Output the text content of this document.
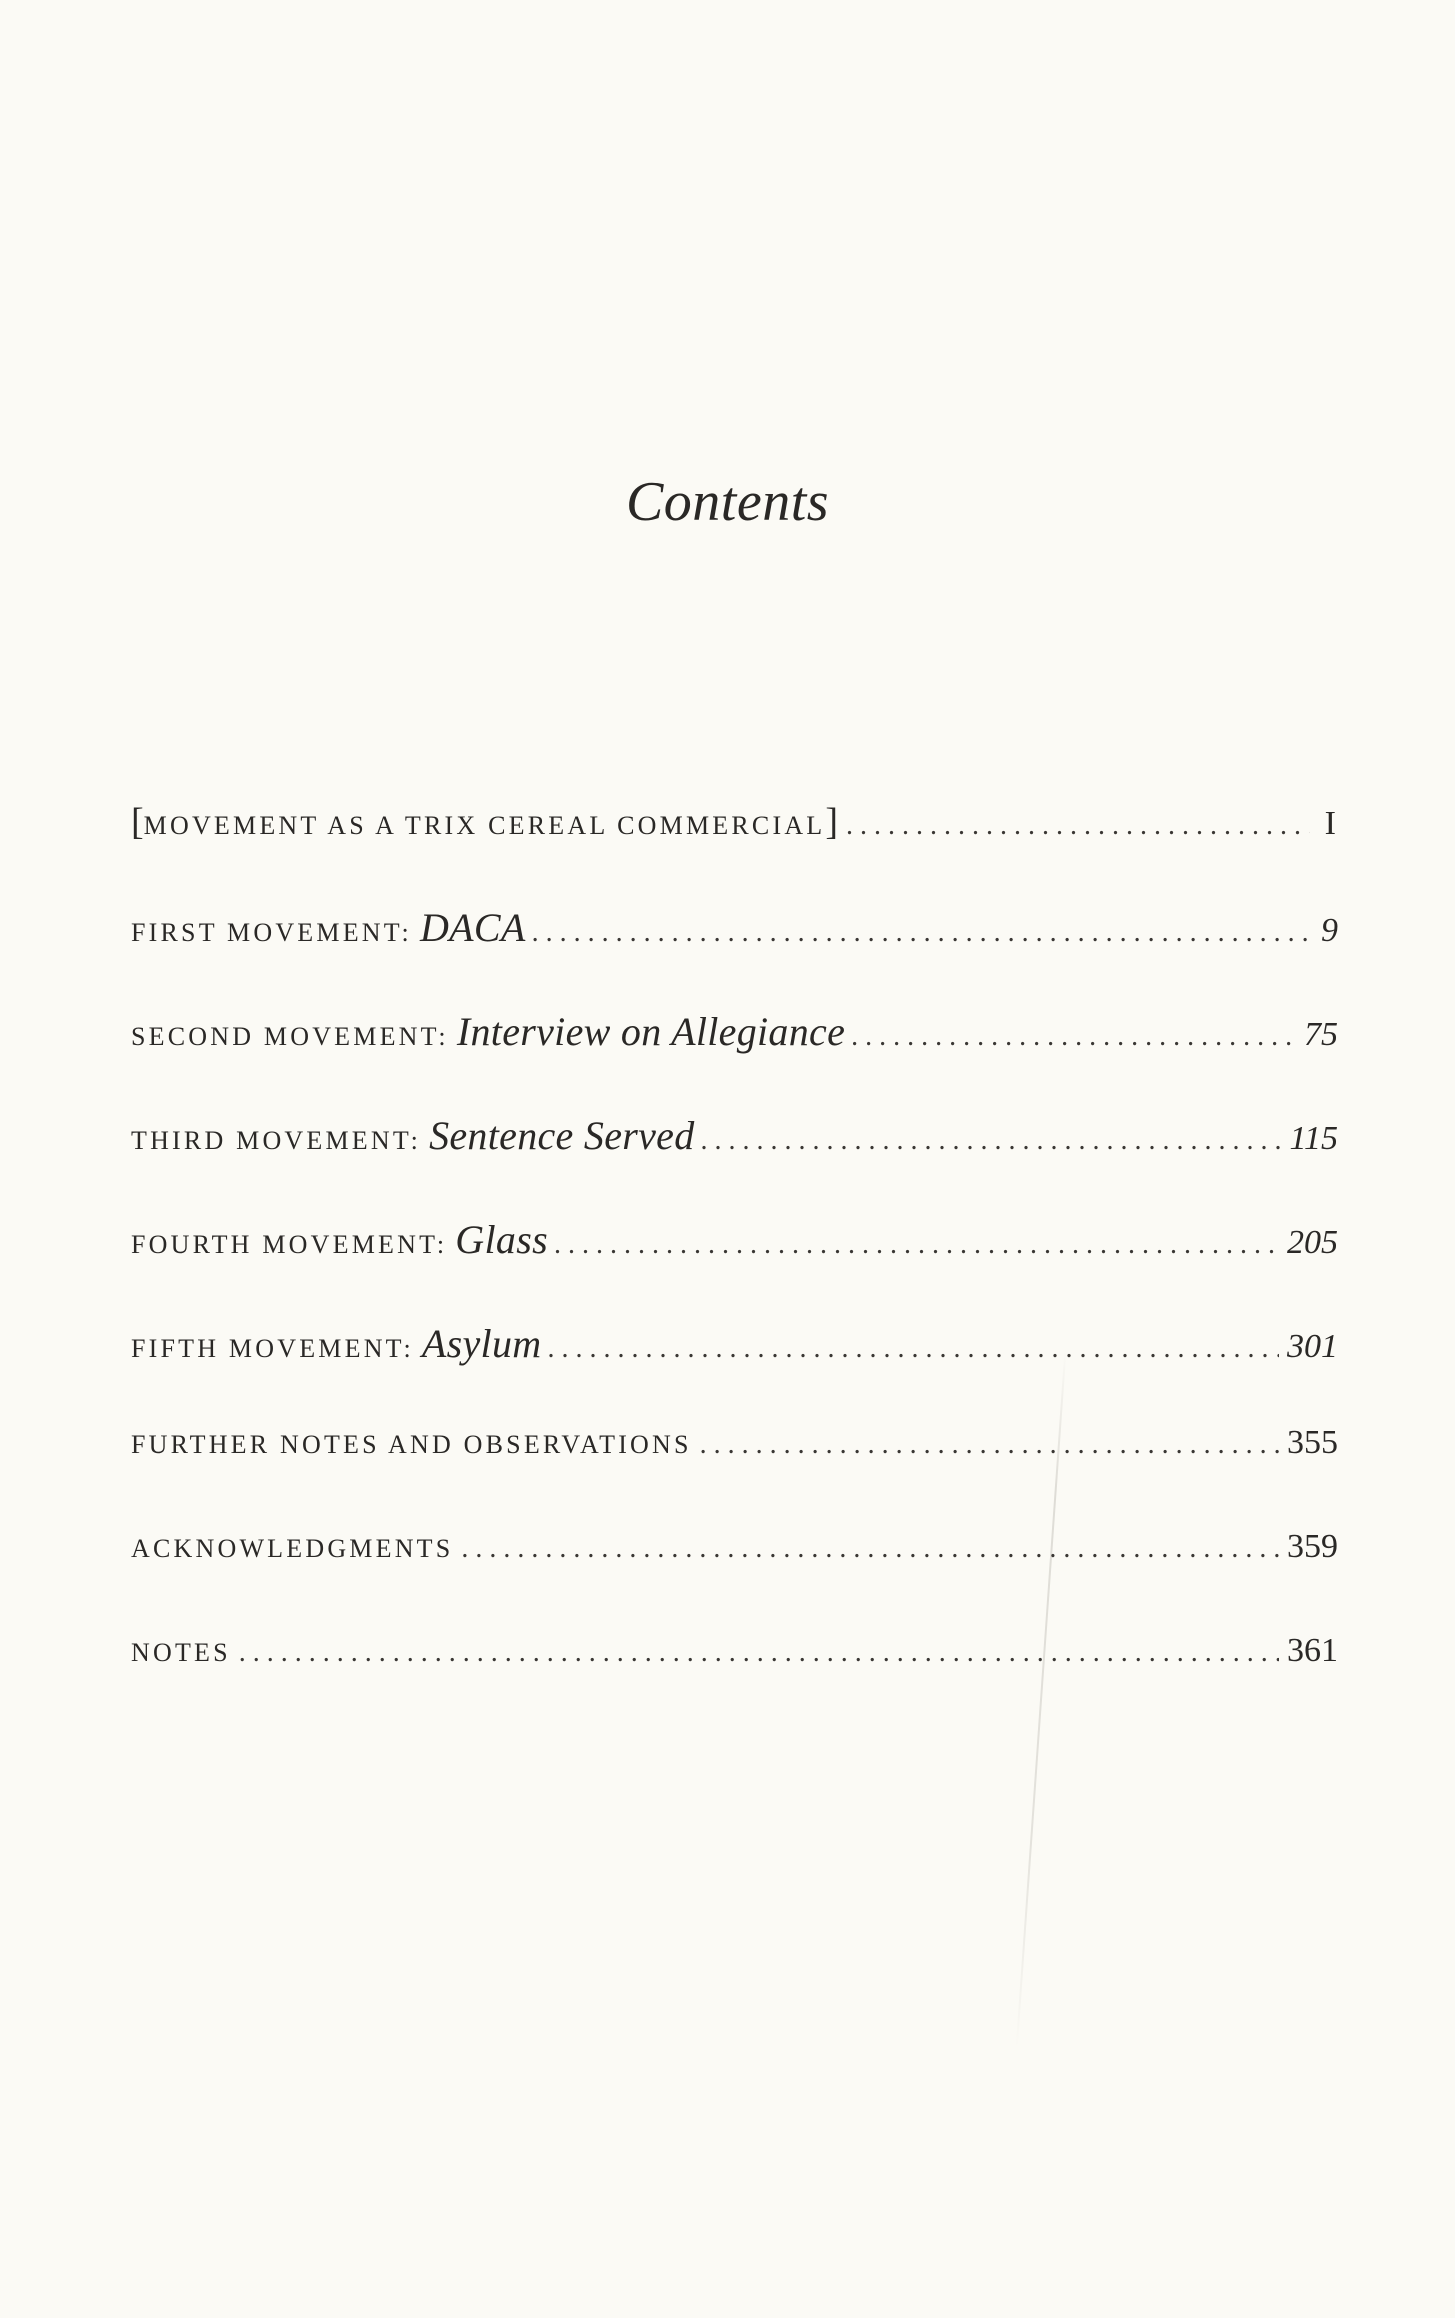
Contents
[ MOVEMENT AS A TRIX CEREAL COMMERCIAL ] . . .	I
FIRST MOVEMENT: DACA . . .	9
SECOND MOVEMENT: Interview on Allegiance . . .	75
THIRD MOVEMENT: Sentence Served . . .	115
FOURTH MOVEMENT: Glass . . .	205
FIFTH MOVEMENT: Asylum . . .	301
FURTHER NOTES AND OBSERVATIONS . . .	355
ACKNOWLEDGMENTS . . .	359
NOTES . . .	361
